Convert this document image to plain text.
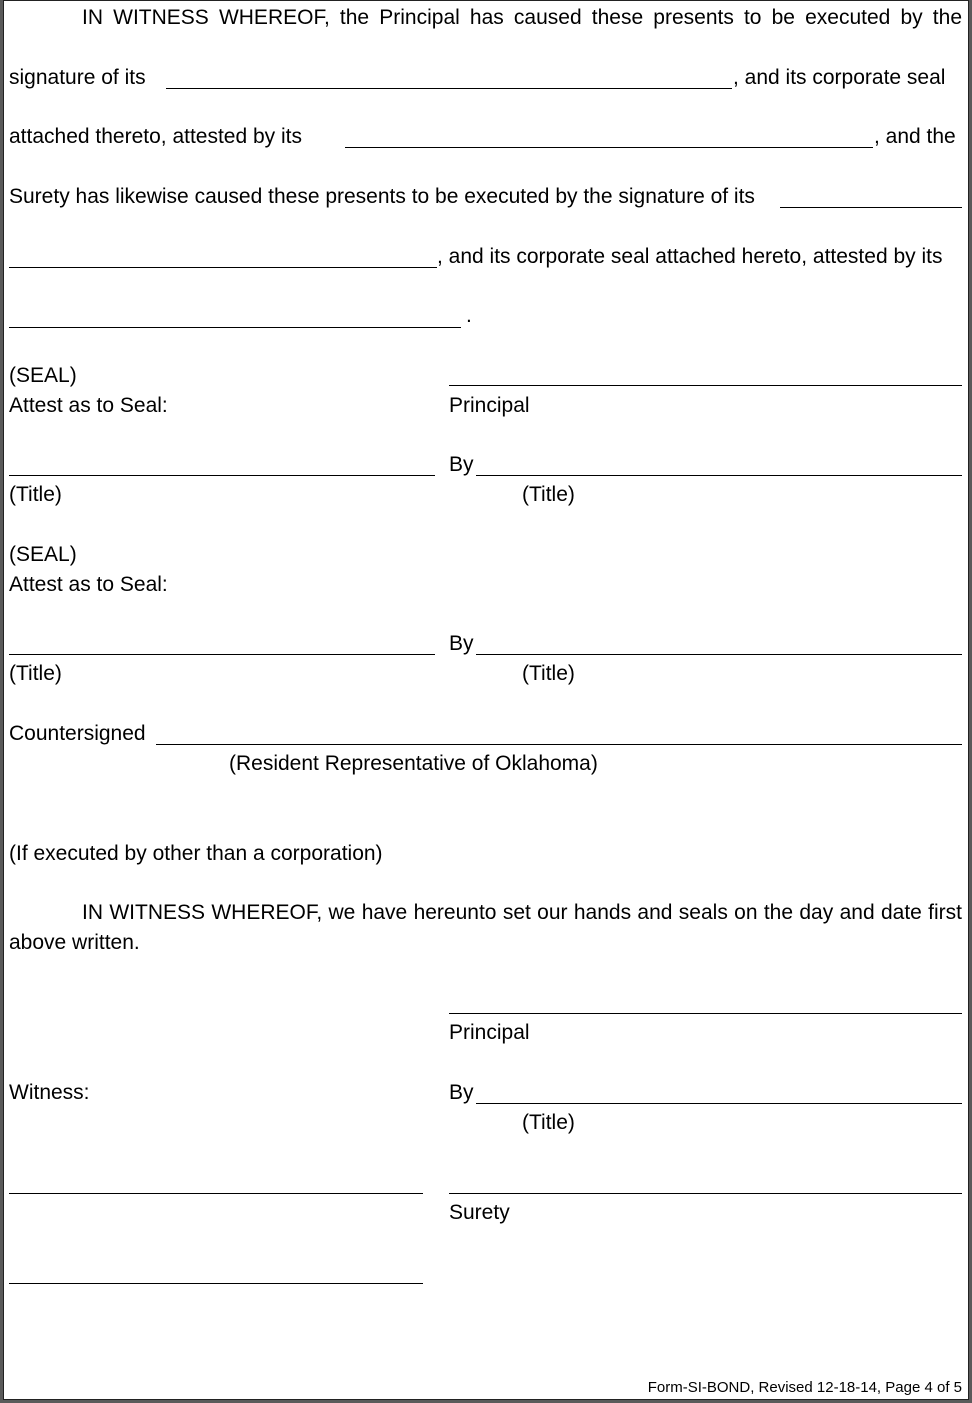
IN WITNESS WHEREOF, the Principal has caused these presents to be executed by the
signature of its	, and its corporate seal
attached thereto, attested by its	, and the
Surety has likewise caused these presents to be executed by the signature of its
, and its corporate seal attached hereto, attested by its
.
(SEAL)
Attest as to Seal:	Principal
By
(Title)	(Title)
(SEAL)
Attest as to Seal:
By
(Title)	(Title)
Countersigned
(Resident Representative of Oklahoma)
(If executed by other than a corporation)
IN WITNESS WHEREOF, we have hereunto set our hands and seals on the day and date first
above written.
Principal
Witness:	By
(Title)
Surety
Form-SI-BOND, Revised 12-18-14, Page 4 of 5
